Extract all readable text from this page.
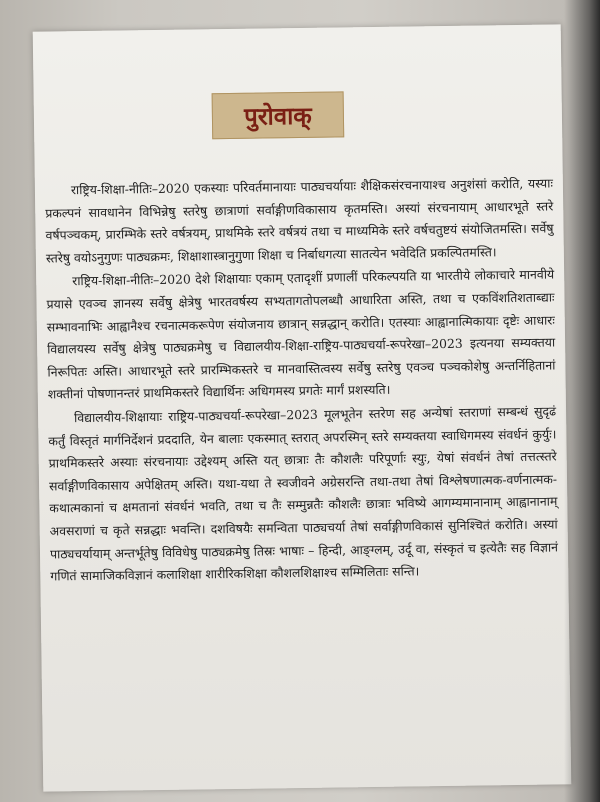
पुरोवाक्

राष्ट्रिय-शिक्षा-नीतिः–2020 एकस्याः परिवर्तमानायाः पाठ्यचर्यायाः शैक्षिकसंरचनायाश्च अनुशंसां करोति, यस्याः प्रकल्पनं सावधानेन विभिन्नेषु स्तरेषु छात्राणां सर्वाङ्गीणविकासाय कृतमस्ति। अस्यां संरचनायाम् आधारभूते स्तरे वर्षपञ्चकम्, प्रारम्भिके स्तरे वर्षत्रयम्, प्राथमिके स्तरे वर्षत्रयं तथा च माध्यमिके स्तरे वर्षचतुष्टयं संयोजितमस्ति। सर्वेषु स्तरेषु वयोऽनुगुणः पाठ्यक्रमः, शिक्षाशास्त्रानुगुणा शिक्षा च निर्बाधगत्या सातत्येन भवेदिति प्रकल्पितमस्ति।

राष्ट्रिय-शिक्षा-नीतिः–2020 देशे शिक्षायाः एकाम् एतादृशीं प्रणालीं परिकल्पयति या भारतीये लोकाचारे मानवीये प्रयासे एवञ्च ज्ञानस्य सर्वेषु क्षेत्रेषु भारतवर्षस्य सभ्यतागतोपलब्धौ आधारिता अस्ति, तथा च एकविंशतिशताब्द्याः सम्भावनाभिः आह्वानैश्च रचनात्मकरूपेण संयोजनाय छात्रान् सन्नद्धान् करोति। एतस्याः आह्वानात्मिकायाः दृष्टेः आधारः विद्यालयस्य सर्वेषु क्षेत्रेषु पाठ्यक्रमेषु च विद्यालयीय-शिक्षा-राष्ट्रिय-पाठ्यचर्या-रूपरेखा–2023 इत्यनया सम्यक्तया निरूपितः अस्ति। आधारभूते स्तरे प्रारम्भिकस्तरे च मानवास्तित्वस्य सर्वेषु स्तरेषु एवञ्च पञ्चकोशेषु अन्तर्निहितानां शक्तीनां पोषणानन्तरं प्राथमिकस्तरे विद्यार्थिनः अधिगमस्य प्रगतेः मार्गं प्रशस्यति।

विद्यालयीय-शिक्षायाः राष्ट्रिय-पाठ्यचर्या-रूपरेखा–2023 मूलभूतेन स्तरेण सह अन्येषां स्तराणां सम्बन्धं सुदृढं कर्तुं विस्तृतं मार्गनिर्देशनं प्रददाति, येन बालाः एकस्मात् स्तरात् अपरस्मिन् स्तरे सम्यक्तया स्वाधिगमस्य संवर्धनं कुर्युः। प्राथमिकस्तरे अस्याः संरचनायाः उद्देश्यम् अस्ति यत् छात्राः तैः कौशलैः परिपूर्णाः स्युः, येषां संवर्धनं तेषां तत्तत्स्तरे सर्वाङ्गीणविकासाय अपेक्षितम् अस्ति। यथा-यथा ते स्वजीवने अग्रेसरन्ति तथा-तथा तेषां विश्लेषणात्मक-वर्णनात्मक-कथात्मकानां च क्षमतानां संवर्धनं भवति, तथा च तैः सम्मुन्नतैः कौशलैः छात्राः भविष्ये आगम्यमानानाम् आह्वानानाम् अवसराणां च कृते सन्नद्धाः भवन्ति। दशविषयैः समन्विता पाठ्यचर्या तेषां सर्वाङ्गीणविकासं सुनिश्चितं करोति। अस्यां पाठ्यचर्यायाम् अन्तर्भूतेषु विविधेषु पाठ्यक्रमेषु तिस्रः भाषाः – हिन्दी, आङ्ग्लम्, उर्दू वा, संस्कृतं च इत्येतैः सह विज्ञानं गणितं सामाजिकविज्ञानं कलाशिक्षा शारीरिकशिक्षा कौशलशिक्षाश्च सम्मिलिताः सन्ति।
